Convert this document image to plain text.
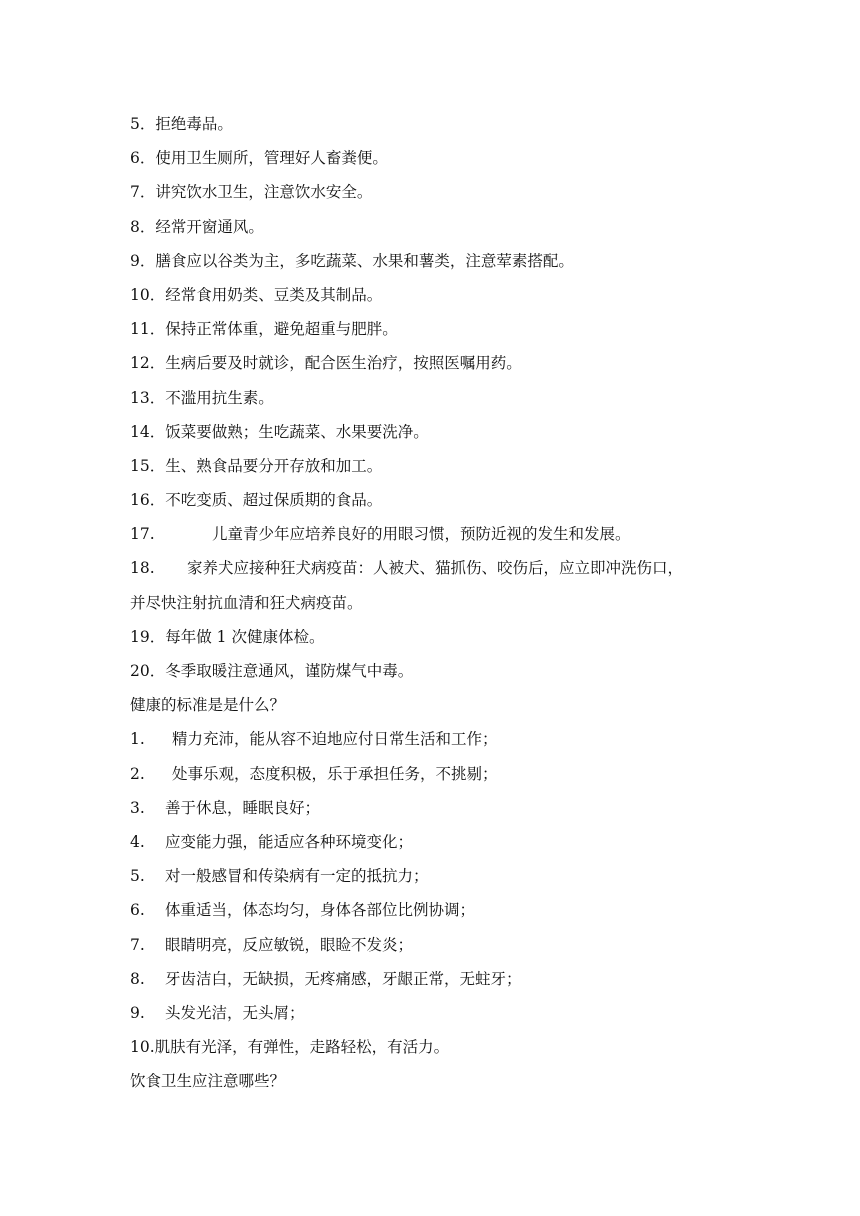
5．拒绝毒品。
6．使用卫生厕所，管理好人畜粪便。
7．讲究饮水卫生，注意饮水安全。
8．经常开窗通风。
9．膳食应以谷类为主，多吃蔬菜、水果和薯类，注意荤素搭配。
10．经常食用奶类、豆类及其制品。
11．保持正常体重，避免超重与肥胖。
12．生病后要及时就诊，配合医生治疗，按照医嘱用药。
13．不滥用抗生素。
14．饭菜要做熟；生吃蔬菜、水果要洗净。
15．生、熟食品要分开存放和加工。
16．不吃变质、超过保质期的食品。
17.	儿童青少年应培养良好的用眼习惯，预防近视的发生和发展。
18. 家养犬应接种狂犬病疫苗：人被犬、猫抓伤、咬伤后，应立即冲洗伤口，
并尽快注射抗血清和狂犬病疫苗。
19．每年做 1 次健康体检。
20．冬季取暖注意通风，谨防煤气中毒。
健康的标准是是什么？
1. 精力充沛，能从容不迫地应付日常生活和工作；
2. 处事乐观，态度积极，乐于承担任务，不挑剔；
3. 善于休息，睡眠良好；
4. 应变能力强，能适应各种环境变化；
5. 对一般感冒和传染病有一定的抵抗力；
6. 体重适当，体态均匀，身体各部位比例协调；
7. 眼睛明亮，反应敏锐，眼睑不发炎；
8. 牙齿洁白，无缺损，无疼痛感，牙龈正常，无蛀牙；
9. 头发光洁，无头屑；
10.肌肤有光泽，有弹性，走路轻松，有活力。
饮食卫生应注意哪些？
